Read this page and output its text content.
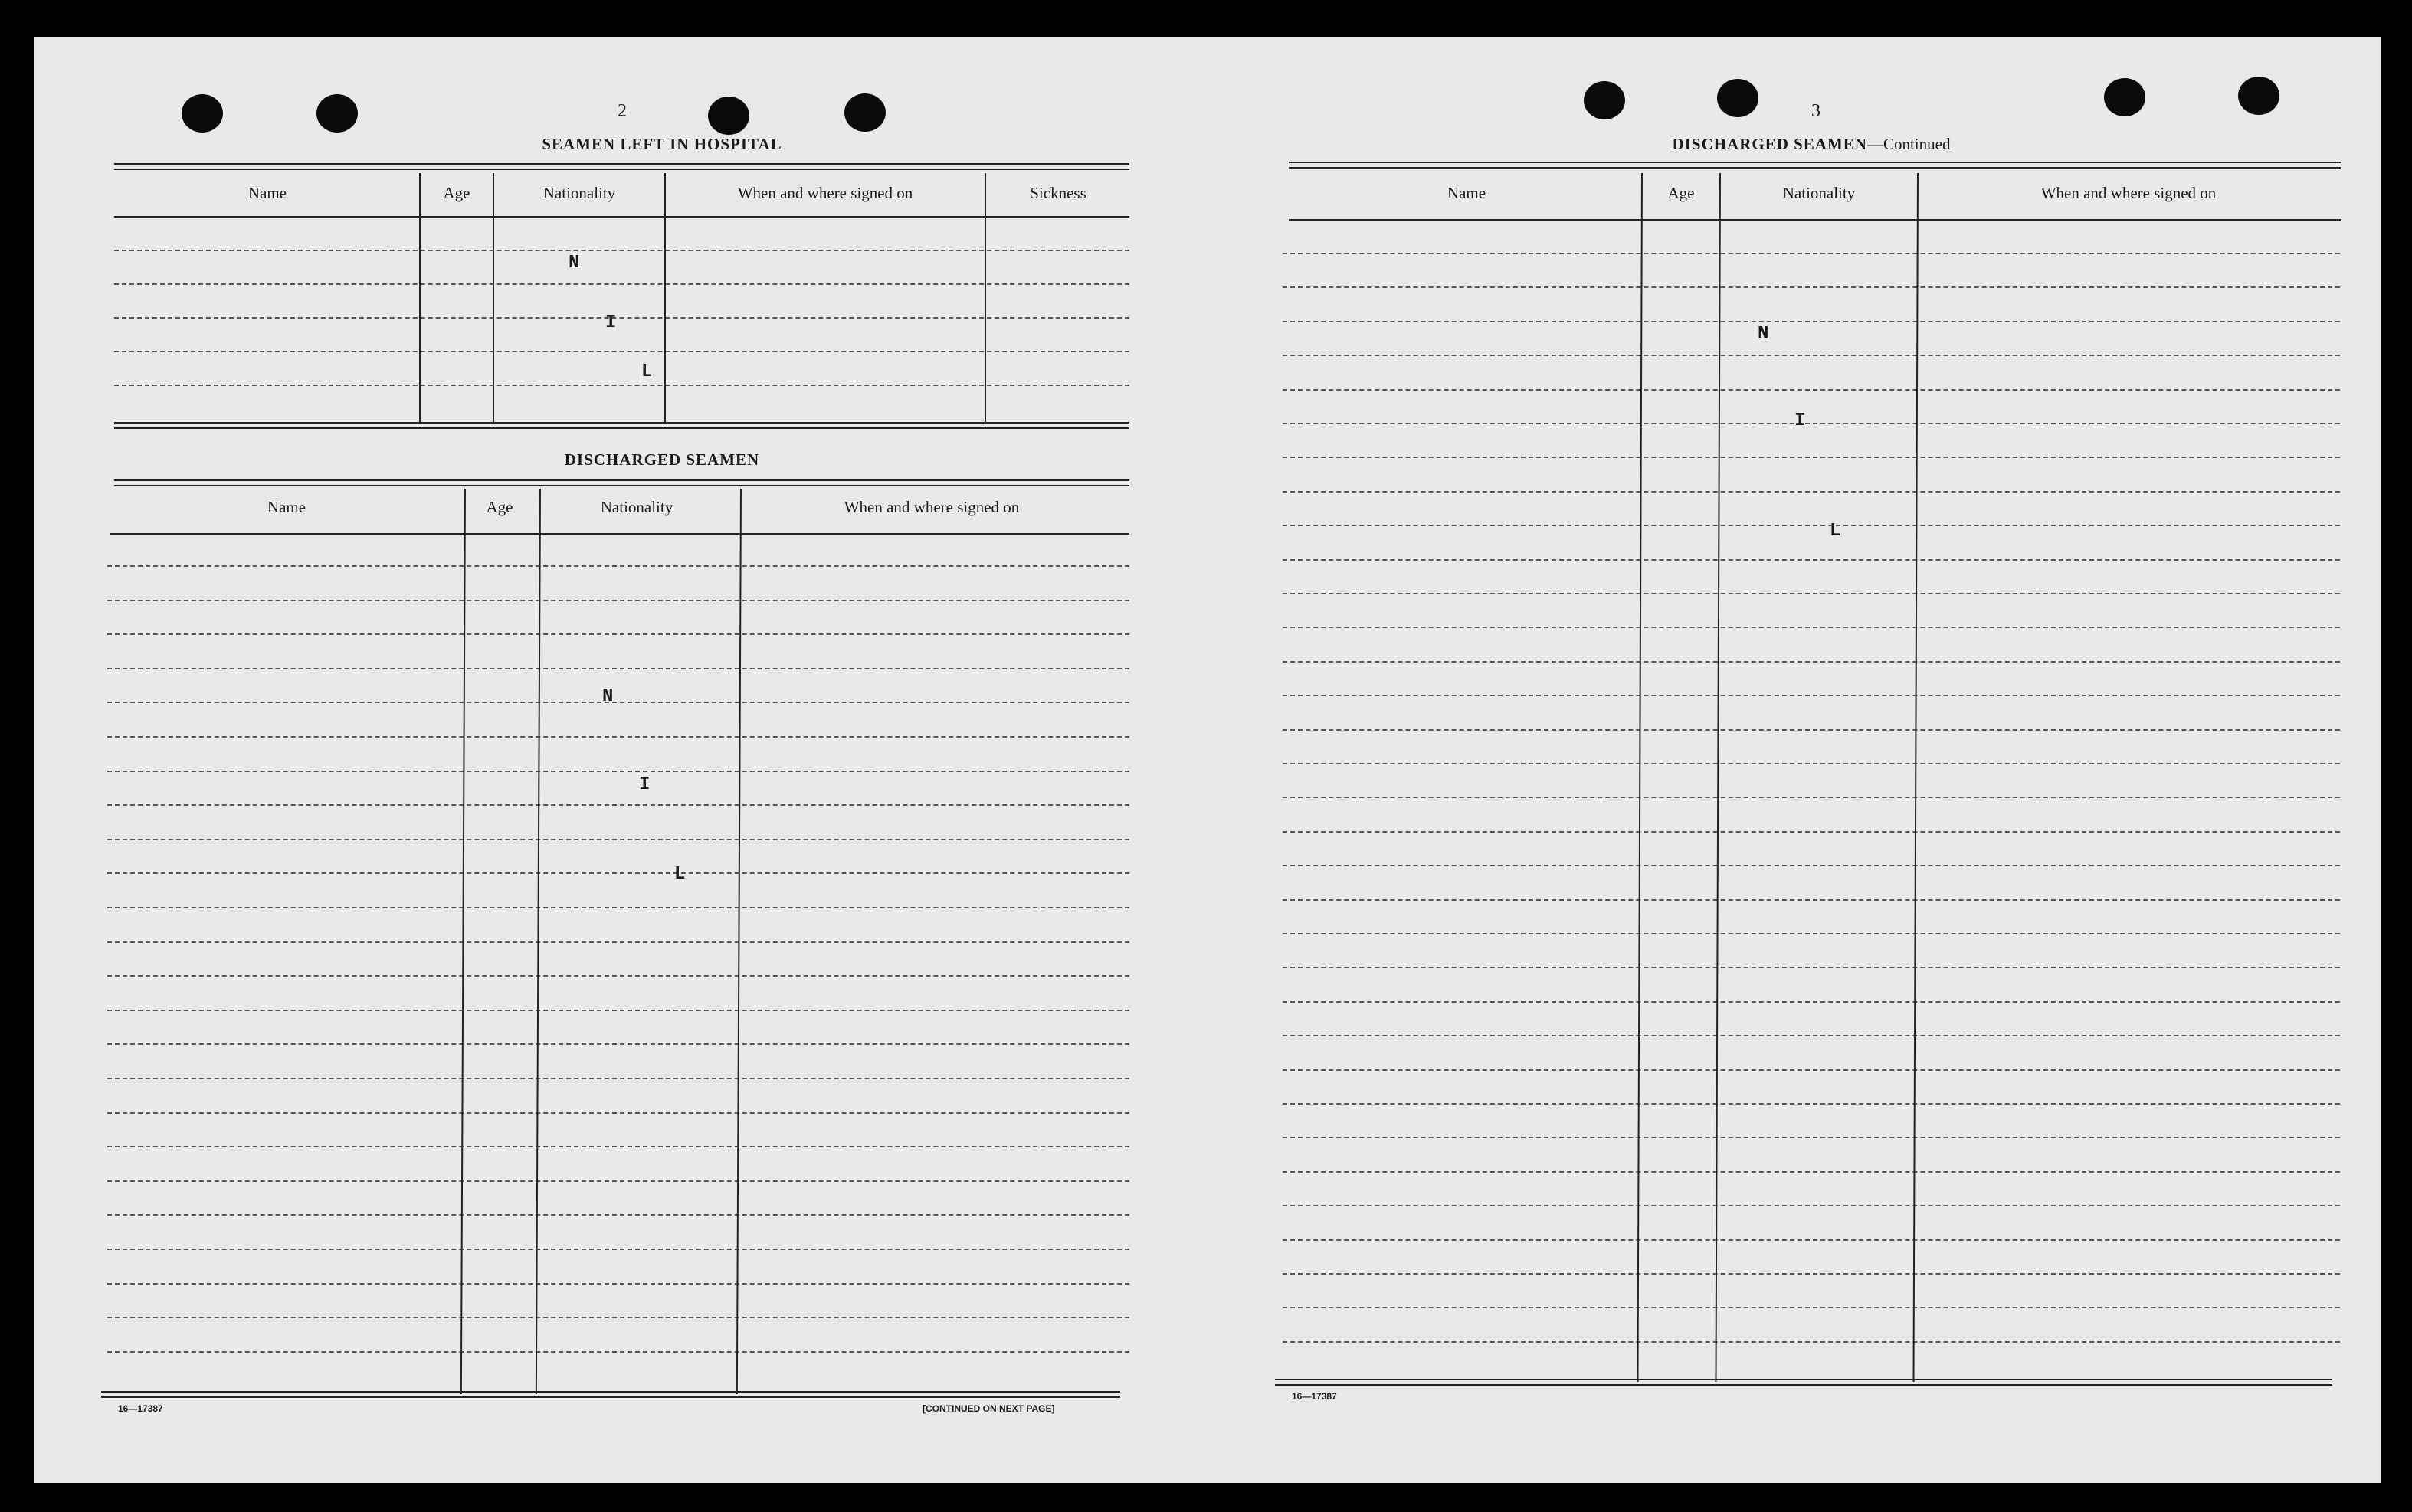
2
SEAMEN LEFT IN HOSPITAL
Name	Age	Nationality	When and where signed on	Sickness
N
I
L
DISCHARGED SEAMEN
Name	Age	Nationality	When and where signed on
N
I
L
16—17387	[CONTINUED ON NEXT PAGE]
3
DISCHARGED SEAMEN—Continued
Name	Age	Nationality	When and where signed on
N
I
L
16—17387
